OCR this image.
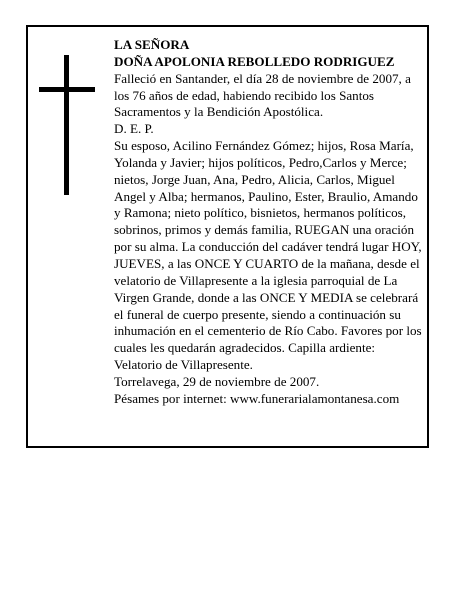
LA SEÑORA

DOÑA APOLONIA REBOLLEDO RODRIGUEZ

Falleció en Santander, el día 28 de noviembre de 2007, a los 76 años de edad, habiendo recibido los Santos Sacramentos y la Bendición Apostólica.

D. E. P.

Su esposo, Acilino Fernández Gómez; hijos, Rosa María, Yolanda y Javier; hijos políticos, Pedro,Carlos y Merce; nietos, Jorge Juan, Ana, Pedro, Alicia, Carlos, Miguel Angel y Alba; hermanos, Paulino, Ester, Braulio, Amando y Ramona; nieto político, bisnietos, hermanos políticos, sobrinos, primos y demás familia, RUEGAN una oración por su alma. La conducción del cadáver tendrá lugar HOY, JUEVES, a las ONCE Y CUARTO de la mañana, desde el velatorio de Villapresente a la iglesia parroquial de La Virgen Grande, donde a las ONCE Y MEDIA se celebrará el funeral de cuerpo presente, siendo a continuación su inhumación en el cementerio de Río Cabo. Favores por los cuales les quedarán agradecidos. Capilla ardiente: Velatorio de Villapresente.

Torrelavega, 29 de noviembre de 2007.

Pésames por internet: www.funerarialamontanesa.com
